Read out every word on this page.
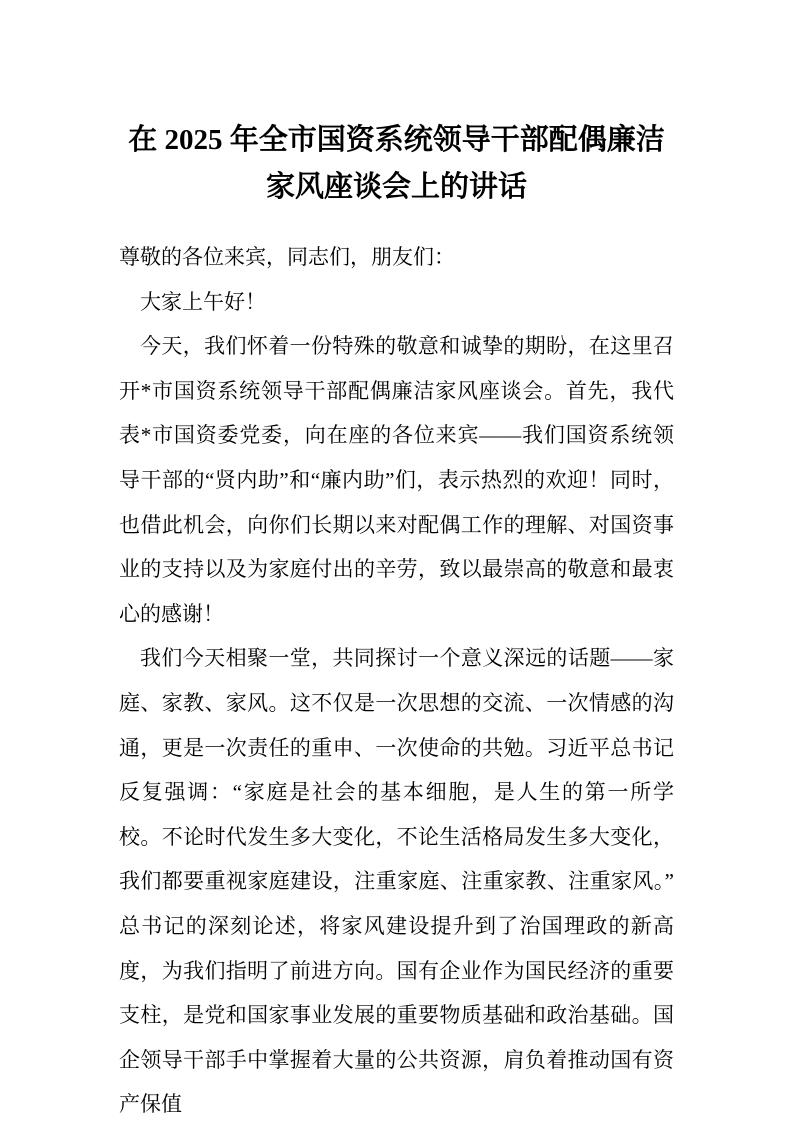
在 2025 年全市国资系统领导干部配偶廉洁家风座谈会上的讲话

尊敬的各位来宾，同志们，朋友们：

大家上午好！

今天，我们怀着一份特殊的敬意和诚挚的期盼，在这里召开*市国资系统领导干部配偶廉洁家风座谈会。首先，我代表*市国资委党委，向在座的各位来宾——我们国资系统领导干部的“贤内助”和“廉内助”们，表示热烈的欢迎！同时，也借此机会，向你们长期以来对配偶工作的理解、对国资事业的支持以及为家庭付出的辛劳，致以最崇高的敬意和最衷心的感谢！

我们今天相聚一堂，共同探讨一个意义深远的话题——家庭、家教、家风。这不仅是一次思想的交流、一次情感的沟通，更是一次责任的重申、一次使命的共勉。习近平总书记反复强调：“家庭是社会的基本细胞，是人生的第一所学校。不论时代发生多大变化，不论生活格局发生多大变化，我们都要重视家庭建设，注重家庭、注重家教、注重家风。”总书记的深刻论述，将家风建设提升到了治国理政的新高度，为我们指明了前进方向。国有企业作为国民经济的重要支柱，是党和国家事业发展的重要物质基础和政治基础。国企领导干部手中掌握着大量的公共资源，肩负着推动国有资产保值
